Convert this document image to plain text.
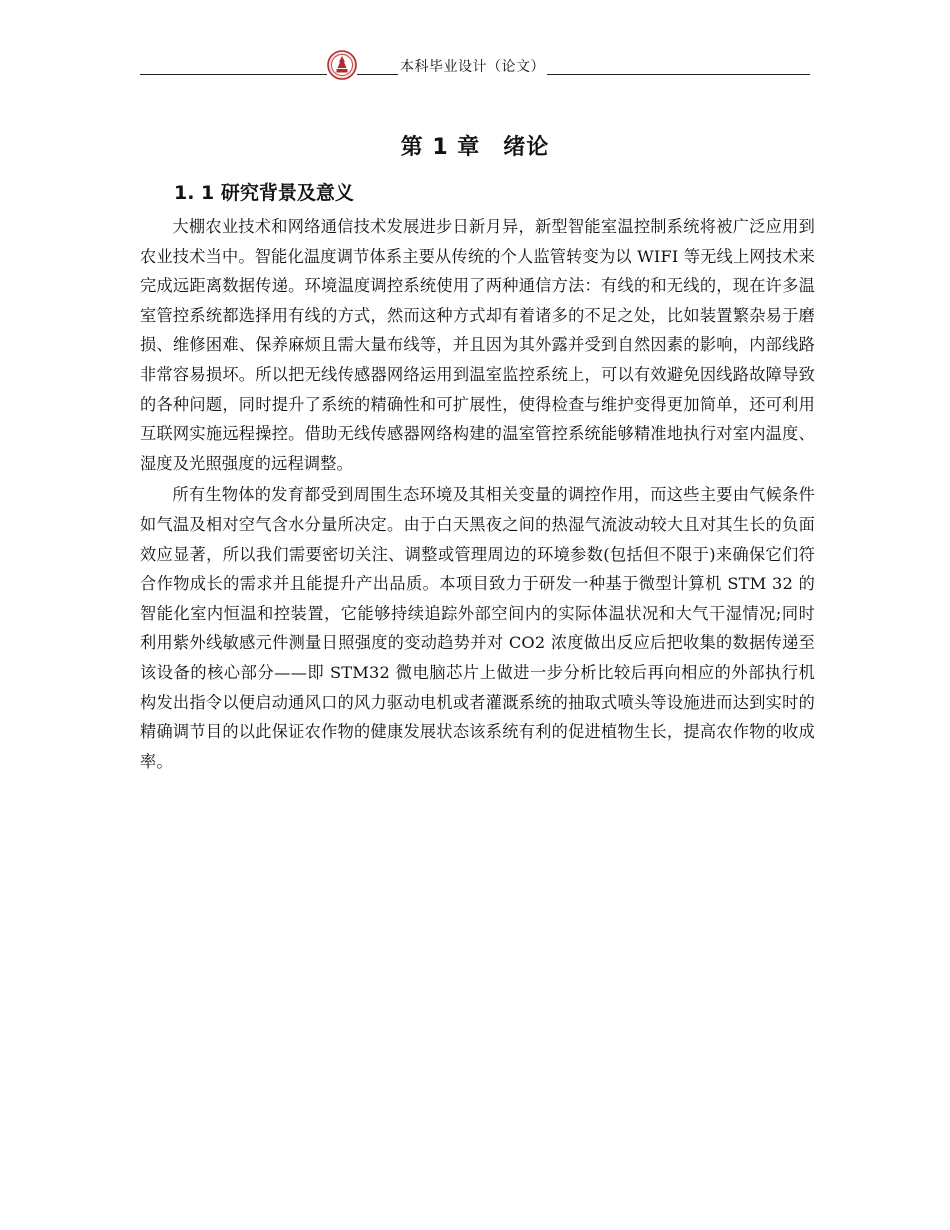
本科毕业设计（论文）
第 1 章　绪论
1. 1 研究背景及意义

大棚农业技术和网络通信技术发展进步日新月异，新型智能室温控制系统将被广泛应用到农业技术当中。智能化温度调节体系主要从传统的个人监管转变为以 WIFI 等无线上网技术来完成远距离数据传递。环境温度调控系统使用了两种通信方法：有线的和无线的，现在许多温室管控系统都选择用有线的方式，然而这种方式却有着诸多的不足之处，比如装置繁杂易于磨损、维修困难、保养麻烦且需大量布线等，并且因为其外露并受到自然因素的影响，内部线路非常容易损坏。所以把无线传感器网络运用到温室监控系统上，可以有效避免因线路故障导致的各种问题，同时提升了系统的精确性和可扩展性，使得检查与维护变得更加简单，还可利用互联网实施远程操控。借助无线传感器网络构建的温室管控系统能够精准地执行对室内温度、湿度及光照强度的远程调整。

所有生物体的发育都受到周围生态环境及其相关变量的调控作用，而这些主要由气候条件如气温及相对空气含水分量所决定。由于白天黑夜之间的热湿气流波动较大且对其生长的负面效应显著，所以我们需要密切关注、调整或管理周边的环境参数(包括但不限于)来确保它们符合作物成长的需求并且能提升产出品质。本项目致力于研发一种基于微型计算机 STM 32 的智能化室内恒温和控装置，它能够持续追踪外部空间内的实际体温状况和大气干湿情况;同时利用紫外线敏感元件测量日照强度的变动趋势并对 CO2 浓度做出反应后把收集的数据传递至该设备的核心部分——即 STM32 微电脑芯片上做进一步分析比较后再向相应的外部执行机构发出指令以便启动通风口的风力驱动电机或者灌溉系统的抽取式喷头等设施进而达到实时的精确调节目的以此保证农作物的健康发展状态该系统有利的促进植物生长，提高农作物的收成率。
